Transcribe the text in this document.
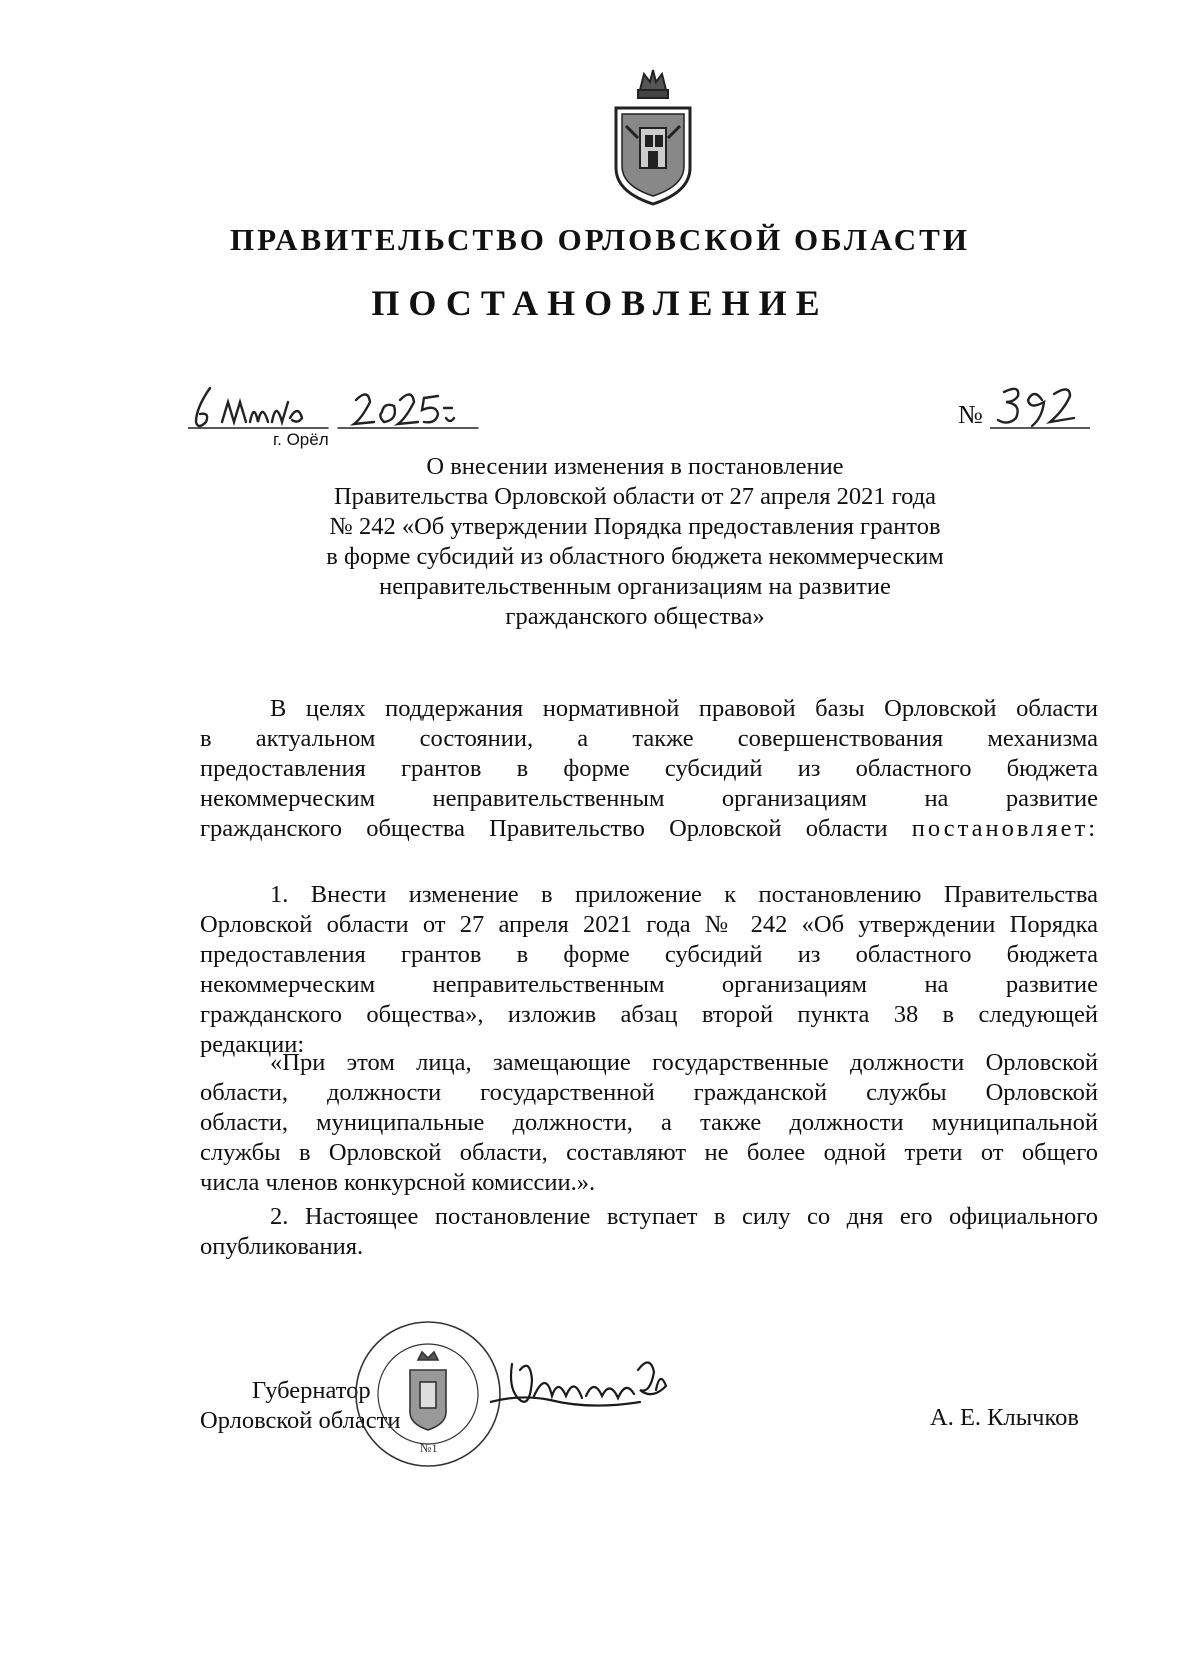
ПРАВИТЕЛЬСТВО ОРЛОВСКОЙ ОБЛАСТИ
ПОСТАНОВЛЕНИЕ
г. Орёл
№
О внесении изменения в постановление
Правительства Орловской области от 27 апреля 2021 года
№ 242 «Об утверждении Порядка предоставления грантов
в форме субсидий из областного бюджета некоммерческим
неправительственным организациям на развитие
гражданского общества»
В целях поддержания нормативной правовой базы Орловской области
в актуальном состоянии, а также совершенствования механизма
предоставления грантов в форме субсидий из областного бюджета
некоммерческим неправительственным организациям на развитие
гражданского общества Правительство Орловской области постановляет:
1. Внести изменение в приложение к постановлению Правительства
Орловской области от 27 апреля 2021 года № 242 «Об утверждении Порядка
предоставления грантов в форме субсидий из областного бюджета
некоммерческим неправительственным организациям на развитие
гражданского общества», изложив абзац второй пункта 38 в следующей
редакции:
«При этом лица, замещающие государственные должности Орловской
области, должности государственной гражданской службы Орловской
области, муниципальные должности, а также должности муниципальной
службы в Орловской области, составляют не более одной трети от общего
числа членов конкурсной комиссии.».
2. Настоящее постановление вступает в силу со дня его официального
опубликования.
Губернатор
Орловской области
№1
А. Е. Клычков
